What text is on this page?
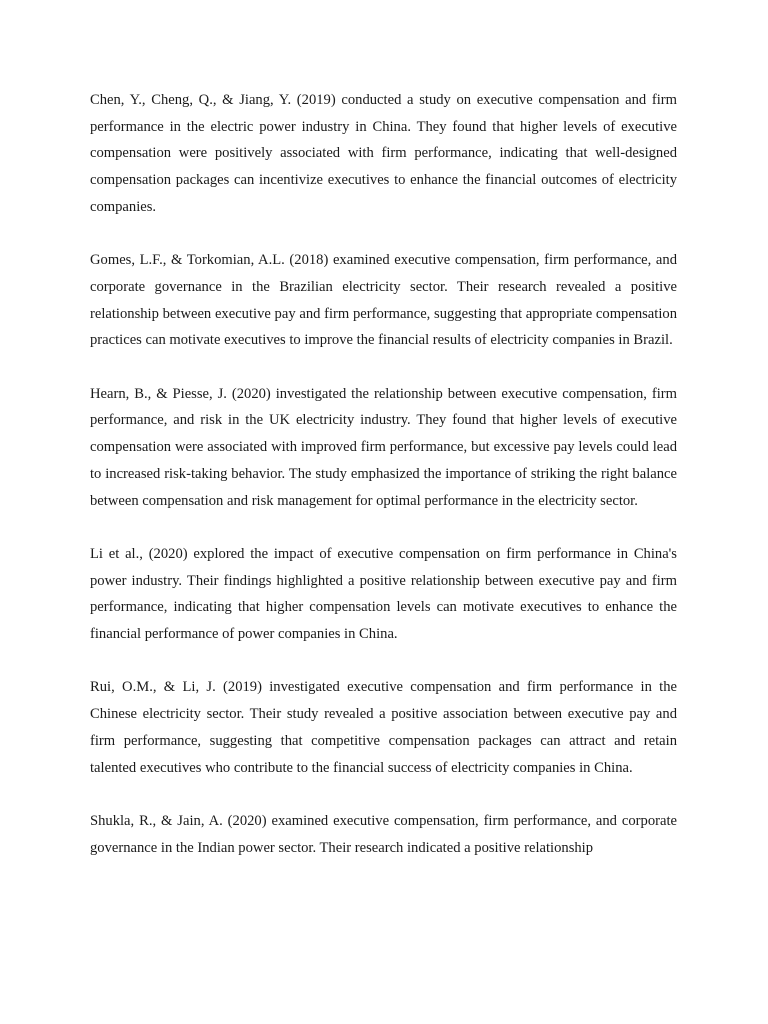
Chen, Y., Cheng, Q., & Jiang, Y. (2019) conducted a study on executive compensation and firm performance in the electric power industry in China. They found that higher levels of executive compensation were positively associated with firm performance, indicating that well-designed compensation packages can incentivize executives to enhance the financial outcomes of electricity companies.

Gomes, L.F., & Torkomian, A.L. (2018) examined executive compensation, firm performance, and corporate governance in the Brazilian electricity sector. Their research revealed a positive relationship between executive pay and firm performance, suggesting that appropriate compensation practices can motivate executives to improve the financial results of electricity companies in Brazil.

Hearn, B., & Piesse, J. (2020) investigated the relationship between executive compensation, firm performance, and risk in the UK electricity industry. They found that higher levels of executive compensation were associated with improved firm performance, but excessive pay levels could lead to increased risk-taking behavior. The study emphasized the importance of striking the right balance between compensation and risk management for optimal performance in the electricity sector.

Li et al., (2020) explored the impact of executive compensation on firm performance in China's power industry. Their findings highlighted a positive relationship between executive pay and firm performance, indicating that higher compensation levels can motivate executives to enhance the financial performance of power companies in China.

Rui, O.M., & Li, J. (2019) investigated executive compensation and firm performance in the Chinese electricity sector. Their study revealed a positive association between executive pay and firm performance, suggesting that competitive compensation packages can attract and retain talented executives who contribute to the financial success of electricity companies in China.

Shukla, R., & Jain, A. (2020) examined executive compensation, firm performance, and corporate governance in the Indian power sector. Their research indicated a positive relationship
